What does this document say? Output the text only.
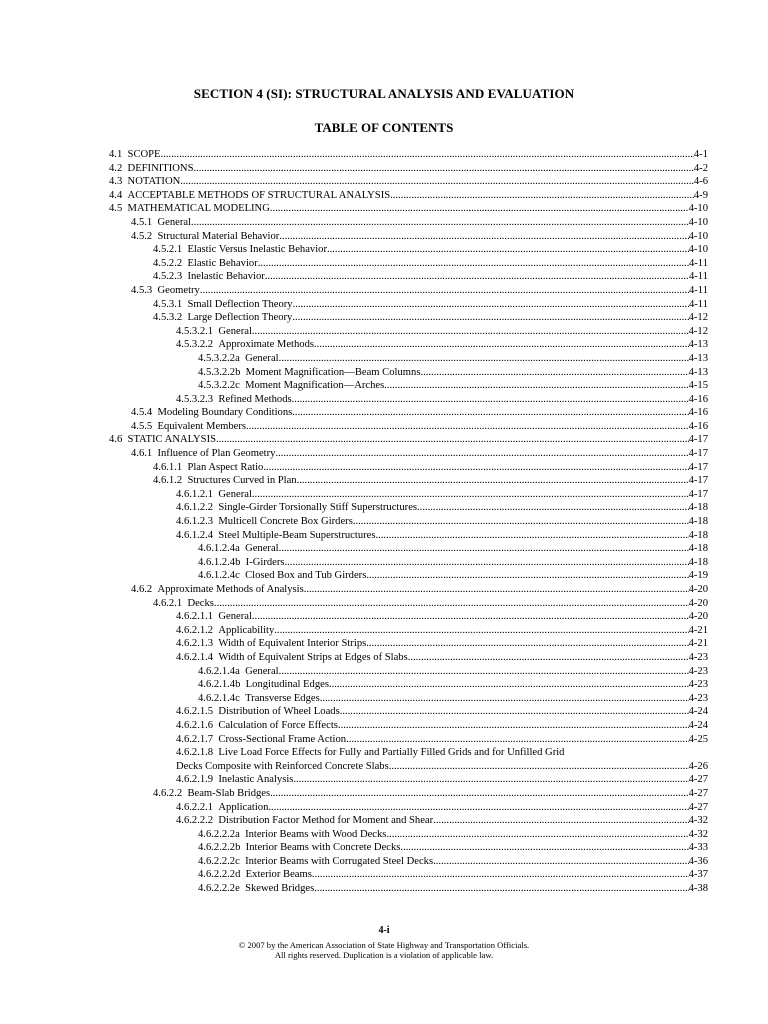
SECTION 4 (SI): STRUCTURAL ANALYSIS AND EVALUATION
TABLE OF CONTENTS
4.1 SCOPE .....	4-1
4.2 DEFINITIONS .....	4-2
4.3 NOTATION .....	4-6
4.4 ACCEPTABLE METHODS OF STRUCTURAL ANALYSIS .....	4-9
4.5 MATHEMATICAL MODELING .....	4-10
4.5.1 General .....	4-10
4.5.2 Structural Material Behavior .....	4-10
4.5.2.1 Elastic Versus Inelastic Behavior .....	4-10
4.5.2.2 Elastic Behavior .....	4-11
4.5.2.3 Inelastic Behavior .....	4-11
4.5.3 Geometry .....	4-11
4.5.3.1 Small Deflection Theory .....	4-11
4.5.3.2 Large Deflection Theory .....	4-12
4.5.3.2.1 General .....	4-12
4.5.3.2.2 Approximate Methods .....	4-13
4.5.3.2.2a General .....	4-13
4.5.3.2.2b Moment Magnification—Beam Columns .....	4-13
4.5.3.2.2c Moment Magnification—Arches .....	4-15
4.5.3.2.3 Refined Methods .....	4-16
4.5.4 Modeling Boundary Conditions .....	4-16
4.5.5 Equivalent Members .....	4-16
4.6 STATIC ANALYSIS .....	4-17
4.6.1 Influence of Plan Geometry .....	4-17
4.6.1.1 Plan Aspect Ratio .....	4-17
4.6.1.2 Structures Curved in Plan .....	4-17
4.6.1.2.1 General .....	4-17
4.6.1.2.2 Single-Girder Torsionally Stiff Superstructures .....	4-18
4.6.1.2.3 Multicell Concrete Box Girders .....	4-18
4.6.1.2.4 Steel Multiple-Beam Superstructures .....	4-18
4.6.1.2.4a General .....	4-18
4.6.1.2.4b I-Girders .....	4-18
4.6.1.2.4c Closed Box and Tub Girders .....	4-19
4.6.2 Approximate Methods of Analysis .....	4-20
4.6.2.1 Decks .....	4-20
4.6.2.1.1 General .....	4-20
4.6.2.1.2 Applicability .....	4-21
4.6.2.1.3 Width of Equivalent Interior Strips .....	4-21
4.6.2.1.4 Width of Equivalent Strips at Edges of Slabs .....	4-23
4.6.2.1.4a General .....	4-23
4.6.2.1.4b Longitudinal Edges .....	4-23
4.6.2.1.4c Transverse Edges .....	4-23
4.6.2.1.5 Distribution of Wheel Loads .....	4-24
4.6.2.1.6 Calculation of Force Effects .....	4-24
4.6.2.1.7 Cross-Sectional Frame Action .....	4-25
4.6.2.1.8 Live Load Force Effects for Fully and Partially Filled Grids and for Unfilled Grid
Decks Composite with Reinforced Concrete Slabs .....	4-26
4.6.2.1.9 Inelastic Analysis .....	4-27
4.6.2.2 Beam-Slab Bridges .....	4-27
4.6.2.2.1 Application .....	4-27
4.6.2.2.2 Distribution Factor Method for Moment and Shear .....	4-32
4.6.2.2.2a Interior Beams with Wood Decks .....	4-32
4.6.2.2.2b Interior Beams with Concrete Decks .....	4-33
4.6.2.2.2c Interior Beams with Corrugated Steel Decks .....	4-36
4.6.2.2.2d Exterior Beams .....	4-37
4.6.2.2.2e Skewed Bridges .....	4-38
4-i
© 2007 by the American Association of State Highway and Transportation Officials.
All rights reserved. Duplication is a violation of applicable law.
